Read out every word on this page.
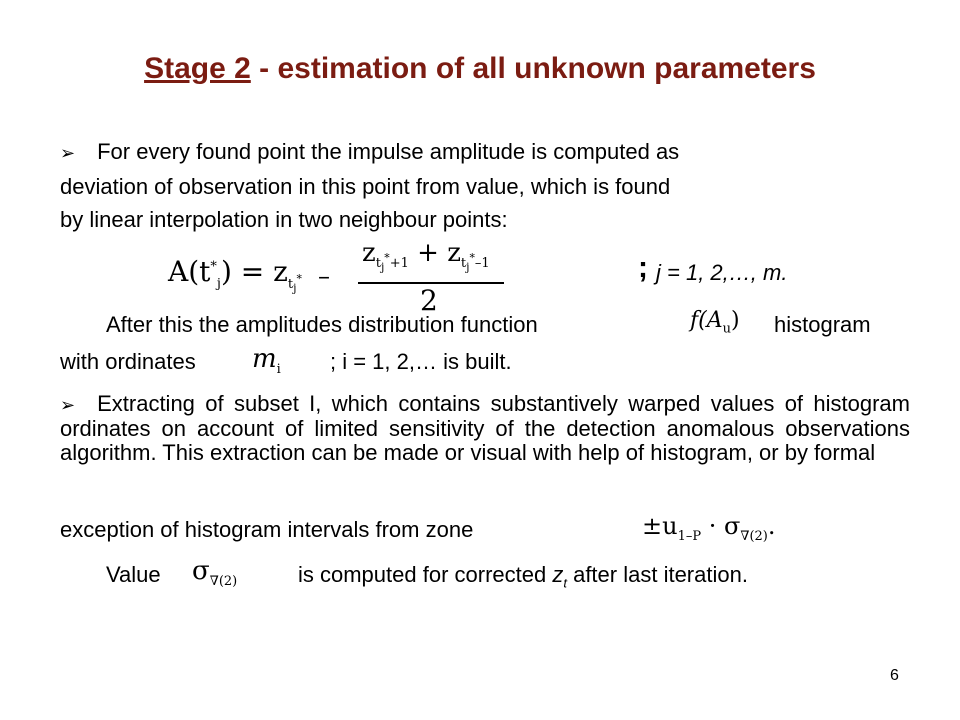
Stage 2 - estimation of all unknown parameters
➢ For every found point the impulse amplitude is computed as
deviation of observation in this point from value, which is found
by linear interpolation in two neighbour points:
$A(t^*_j) = z_{t_j^*}$ –
$z_{t_j^*+1} + z_{t_j^*-1}$
2
; j = 1, 2,…, m.
After this the amplitudes distribution function	$f(A_u)$ histogram
with ordinates $m_i$ ; i = 1, 2,… is built.
➢ Extracting of subset I, which contains substantively warped values of histogram ordinates on account of limited sensitivity of the detection anomalous observations algorithm. This extraction can be made or visual with help of histogram, or by formal
exception of histogram intervals from zone	$\pm u_{1-P} \cdot \sigma_{\nabla(2)}$.
Value $\sigma_{\nabla(2)}$	is computed for corrected $z_t$ after last iteration.
6
